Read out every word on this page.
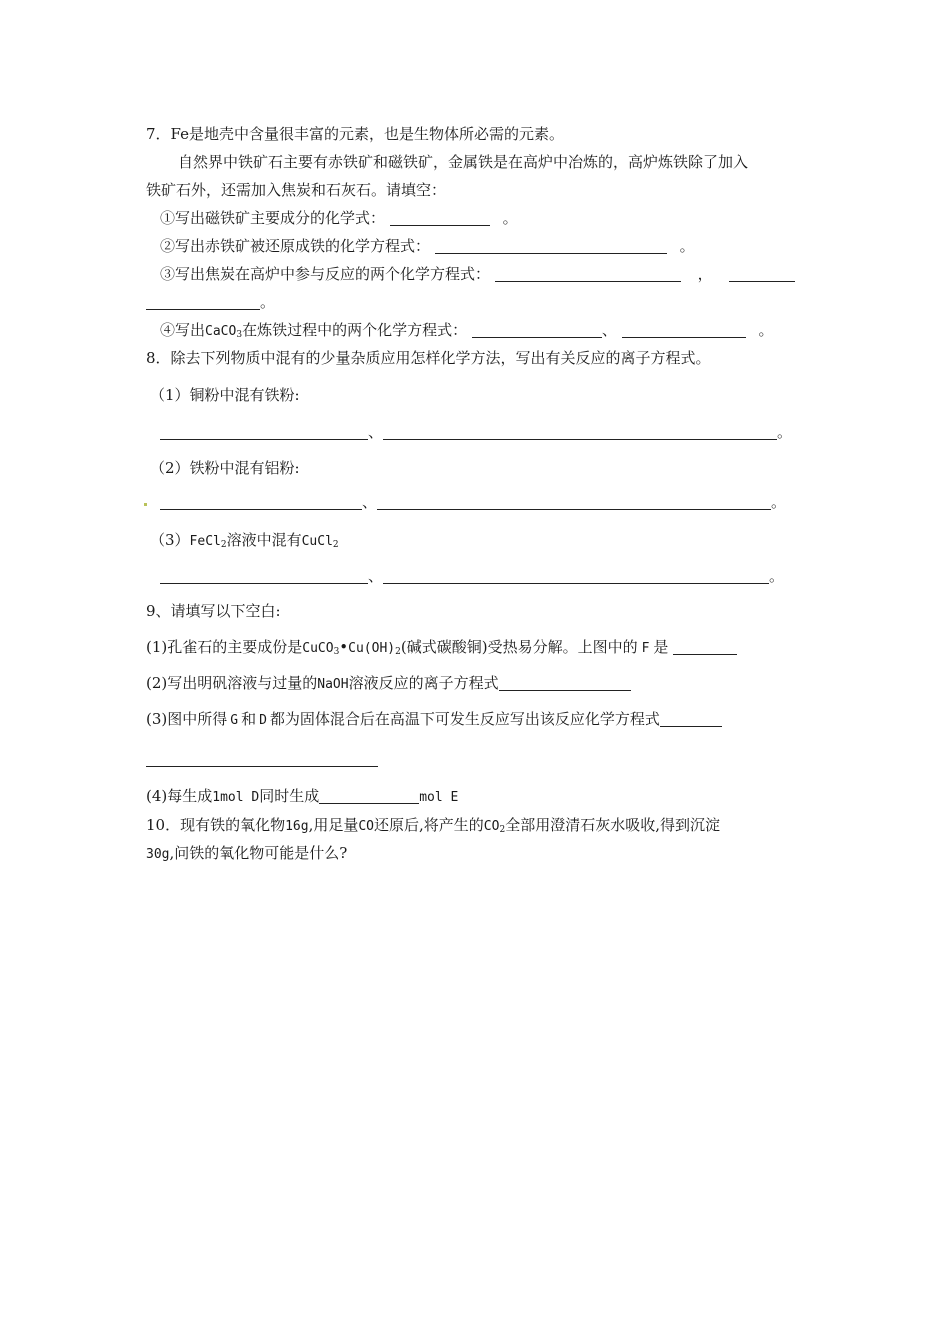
7．Fe是地壳中含量很丰富的元素，也是生物体所必需的元素。
自然界中铁矿石主要有赤铁矿和磁铁矿，金属铁是在高炉中冶炼的，高炉炼铁除了加入
铁矿石外，还需加入焦炭和石灰石。请填空：
①写出磁铁矿主要成分的化学式：	。
②写出赤铁矿被还原成铁的化学方程式：	。
③写出焦炭在高炉中参与反应的两个化学方程式：	，
。
④写出CaCO$_3$在炼铁过程中的两个化学方程式：	、	。
8．除去下列物质中混有的少量杂质应用怎样化学方法，写出有关反应的离子方程式。
（1）铜粉中混有铁粉:
、	。
（2）铁粉中混有铝粉:
、	。
（3）FeCl$_2$溶液中混有CuCl$_2$
、	。
9、请填写以下空白:
(1)孔雀石的主要成份是$CuCO_3•Cu(OH)_2$(碱式碳酸铜)受热易分解。上图中的 F 是
(2)写出明矾溶液与过量的NaOH溶液反应的离子方程式
(3)图中所得 G 和 D 都为固体混合后在高温下可发生反应写出该反应化学方程式
(4)每生成1mol D同时生成	mol E
10．现有铁的氧化物16g,用足量CO还原后,将产生的$CO_2$全部用澄清石灰水吸收,得到沉淀
30g,问铁的氧化物可能是什么?
